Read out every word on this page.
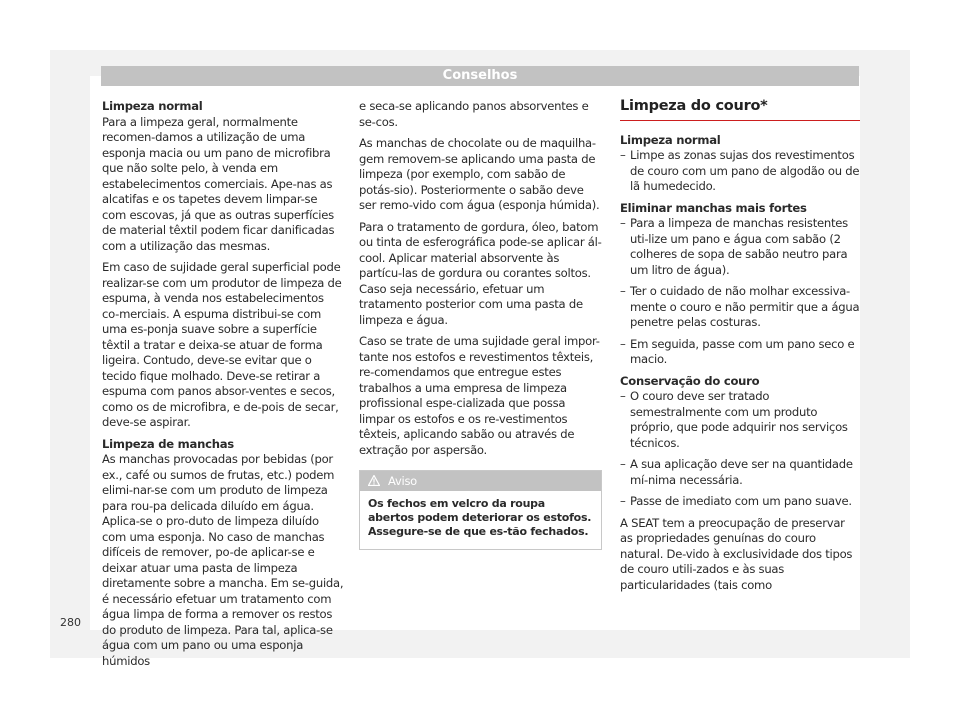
Conselhos

Limpeza normal

Para a limpeza geral, normalmente recomen-damos a utilização de uma esponja macia ou um pano de microfibra que não solte pelo, à venda em estabelecimentos comerciais. Ape-nas as alcatifas e os tapetes devem limpar-se com escovas, já que as outras superfícies de material têxtil podem ficar danificadas com a utilização das mesmas.

Em caso de sujidade geral superficial pode realizar-se com um produtor de limpeza de espuma, à venda nos estabelecimentos co-merciais. A espuma distribui-se com uma es-ponja suave sobre a superfície têxtil a tratar e deixa-se atuar de forma ligeira. Contudo, deve-se evitar que o tecido fique molhado. Deve-se retirar a espuma com panos absor-ventes e secos, como os de microfibra, e de-pois de secar, deve-se aspirar.

Limpeza de manchas

As manchas provocadas por bebidas (por ex., café ou sumos de frutas, etc.) podem elimi-nar-se com um produto de limpeza para rou-pa delicada diluído em água. Aplica-se o pro-duto de limpeza diluído com uma esponja. No caso de manchas difíceis de remover, po-de aplicar-se e deixar atuar uma pasta de limpeza diretamente sobre a mancha. Em se-guida, é necessário efetuar um tratamento com água limpa de forma a remover os restos do produto de limpeza. Para tal, aplica-se água com um pano ou uma esponja húmidos

e seca-se aplicando panos absorventes e se-cos.

As manchas de chocolate ou de maquilha-gem removem-se aplicando uma pasta de limpeza (por exemplo, com sabão de potás-sio). Posteriormente o sabão deve ser remo-vido com água (esponja húmida).

Para o tratamento de gordura, óleo, batom ou tinta de esferográfica pode-se aplicar ál-cool. Aplicar material absorvente às partícu-las de gordura ou corantes soltos. Caso seja necessário, efetuar um tratamento posterior com uma pasta de limpeza e água.

Caso se trate de uma sujidade geral impor-tante nos estofos e revestimentos têxteis, re-comendamos que entregue estes trabalhos a uma empresa de limpeza profissional espe-cializada que possa limpar os estofos e os re-vestimentos têxteis, aplicando sabão ou através de extração por aspersão.

Aviso
Os fechos em velcro da roupa abertos podem deteriorar os estofos. Assegure-se de que es-tão fechados.
Limpeza do couro*

Limpeza normal

– Limpe as zonas sujas dos revestimentos de couro com um pano de algodão ou de lã humedecido.

Eliminar manchas mais fortes

– Para a limpeza de manchas resistentes uti-lize um pano e água com sabão (2 colheres de sopa de sabão neutro para um litro de água).
– Ter o cuidado de não molhar excessiva-mente o couro e não permitir que a água penetre pelas costuras.
– Em seguida, passe com um pano seco e macio.

Conservação do couro

– O couro deve ser tratado semestralmente com um produto próprio, que pode adquirir nos serviços técnicos.
– A sua aplicação deve ser na quantidade mí-nima necessária.
– Passe de imediato com um pano suave.

A SEAT tem a preocupação de preservar as propriedades genuínas do couro natural. De-vido à exclusividade dos tipos de couro utili-zados e às suas particularidades (tais como

280
